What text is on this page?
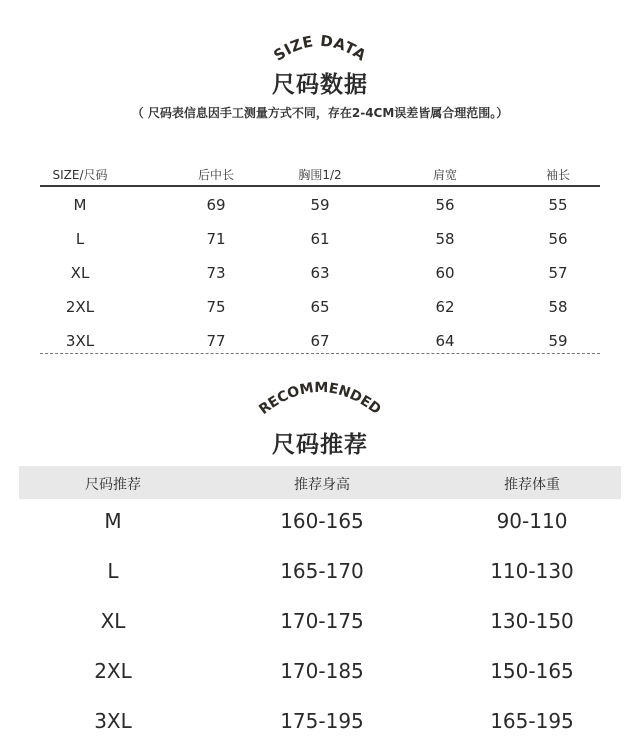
SIZE DATA
尺码数据
（ 尺码表信息因手工测量方式不同，存在2-4CM误差皆属合理范围。）
SIZE/尺码	后中长	胸围1/2	肩宽	袖长
M	69	59	56	55
L	71	61	58	56
XL	73	63	60	57
2XL	75	65	62	58
3XL	77	67	64	59
RECOMMENDED
尺码推荐
尺码推荐	推荐身高	推荐体重
M	160-165	90-110
L	165-170	110-130
XL	170-175	130-150
2XL	170-185	150-165
3XL	175-195	165-195
